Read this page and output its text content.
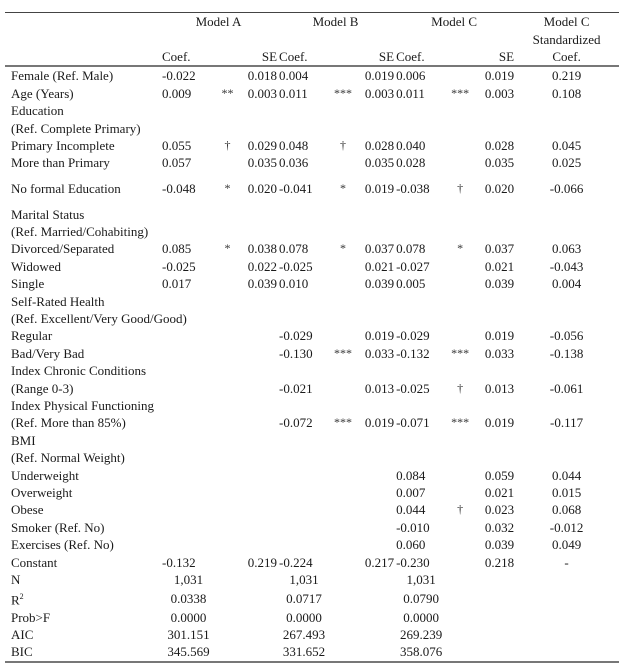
	Model A			Model B			Model C			Model C
										Standardized
	Coef.		SE	Coef.		SE	Coef.		SE	Coef.
Female (Ref. Male)	-0.022		0.018	0.004		0.019	0.006		0.019	0.219
Age (Years)	0.009	**	0.003	0.011	***	0.003	0.011	***	0.003	0.108
Education										
(Ref. Complete Primary)										
Primary Incomplete	0.055	†	0.029	0.048	†	0.028	0.040		0.028	0.045
More than Primary	0.057		0.035	0.036		0.035	0.028		0.035	0.025
No formal Education	-0.048	*	0.020	-0.041	*	0.019	-0.038	†	0.020	-0.066
Marital Status										
(Ref. Married/Cohabiting)										
Divorced/Separated	0.085	*	0.038	0.078	*	0.037	0.078	*	0.037	0.063
Widowed	-0.025		0.022	-0.025		0.021	-0.027		0.021	-0.043
Single	0.017		0.039	0.010		0.039	0.005		0.039	0.004
Self-Rated Health										
(Ref. Excellent/Very Good/Good)										
Regular				-0.029		0.019	-0.029		0.019	-0.056
Bad/Very Bad				-0.130	***	0.033	-0.132	***	0.033	-0.138
Index Chronic Conditions										
(Range 0-3)				-0.021		0.013	-0.025	†	0.013	-0.061
Index Physical Functioning										
(Ref. More than 85%)				-0.072	***	0.019	-0.071	***	0.019	-0.117
BMI										
(Ref. Normal Weight)										
Underweight							0.084		0.059	0.044
Overweight							0.007		0.021	0.015
Obese							0.044	†	0.023	0.068
Smoker (Ref. No)							-0.010		0.032	-0.012
Exercises (Ref. No)							0.060		0.039	0.049
Constant	-0.132		0.219	-0.224		0.217	-0.230		0.218	-
N	1,031			1,031			1,031			
$R^2$	0.0338			0.0717			0.0790			
Prob>F	0.0000			0.0000			0.0000			
AIC	301.151			267.493			269.239			
BIC	345.569			331.652			358.076			
